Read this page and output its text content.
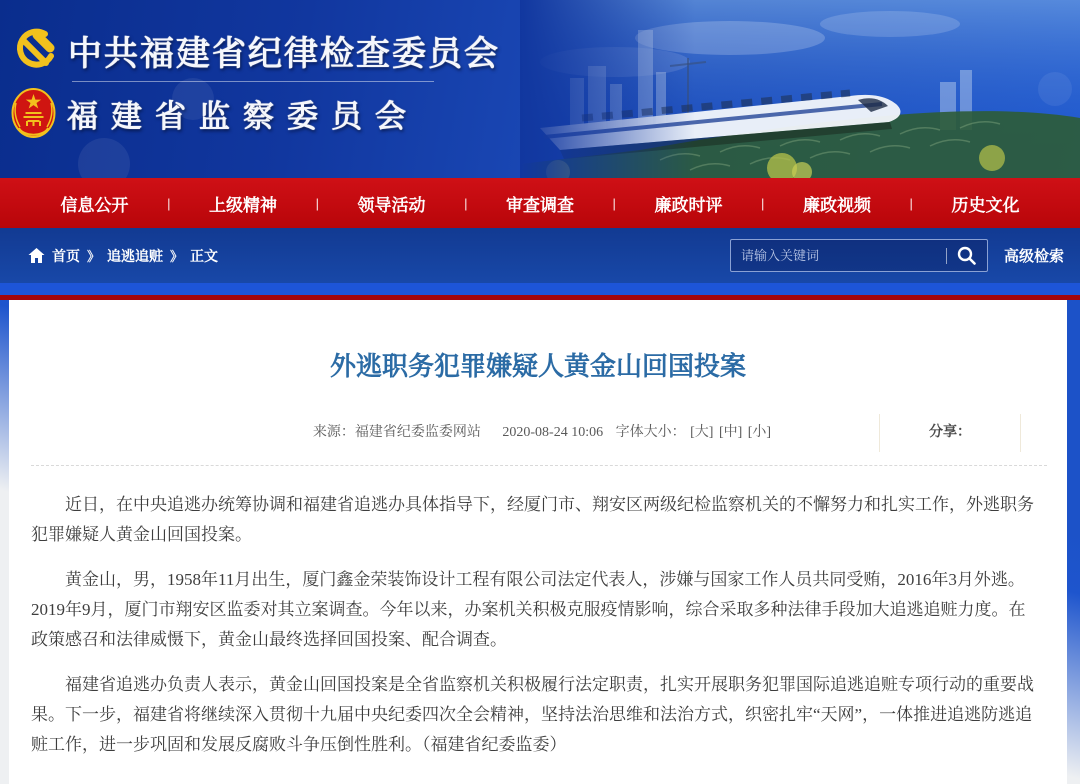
中共福建省纪律检查委员会
福建省监察委员会
信息公开	| 上级精神	| 领导活动	| 审查调查	| 廉政时评	| 廉政视频	| 历史文化
首页 》 追逃追赃 》 正文
请输入关键词	高级检索
外逃职务犯罪嫌疑人黄金山回国投案
来源：福建省纪委监委网站 2020-08-24 10:06 字体大小： [大] [中] [小]	分享：

近日，在中央追逃办统筹协调和福建省追逃办具体指导下，经厦门市、翔安区两级纪检监察机关的不懈努力和扎实工作，外逃职务犯罪嫌疑人黄金山回国投案。

黄金山，男，1958年11月出生，厦门鑫金荣装饰设计工程有限公司法定代表人，涉嫌与国家工作人员共同受贿，2016年3月外逃。2019年9月，厦门市翔安区监委对其立案调查。今年以来，办案机关积极克服疫情影响，综合采取多种法律手段加大追逃追赃力度。在政策感召和法律威慑下，黄金山最终选择回国投案、配合调查。

福建省追逃办负责人表示，黄金山回国投案是全省监察机关积极履行法定职责，扎实开展职务犯罪国际追逃追赃专项行动的重要战果。下一步，福建省将继续深入贯彻十九届中央纪委四次全会精神，坚持法治思维和法治方式，织密扎牢“天网”，一体推进追逃防逃追赃工作，进一步巩固和发展反腐败斗争压倒性胜利。（福建省纪委监委）
